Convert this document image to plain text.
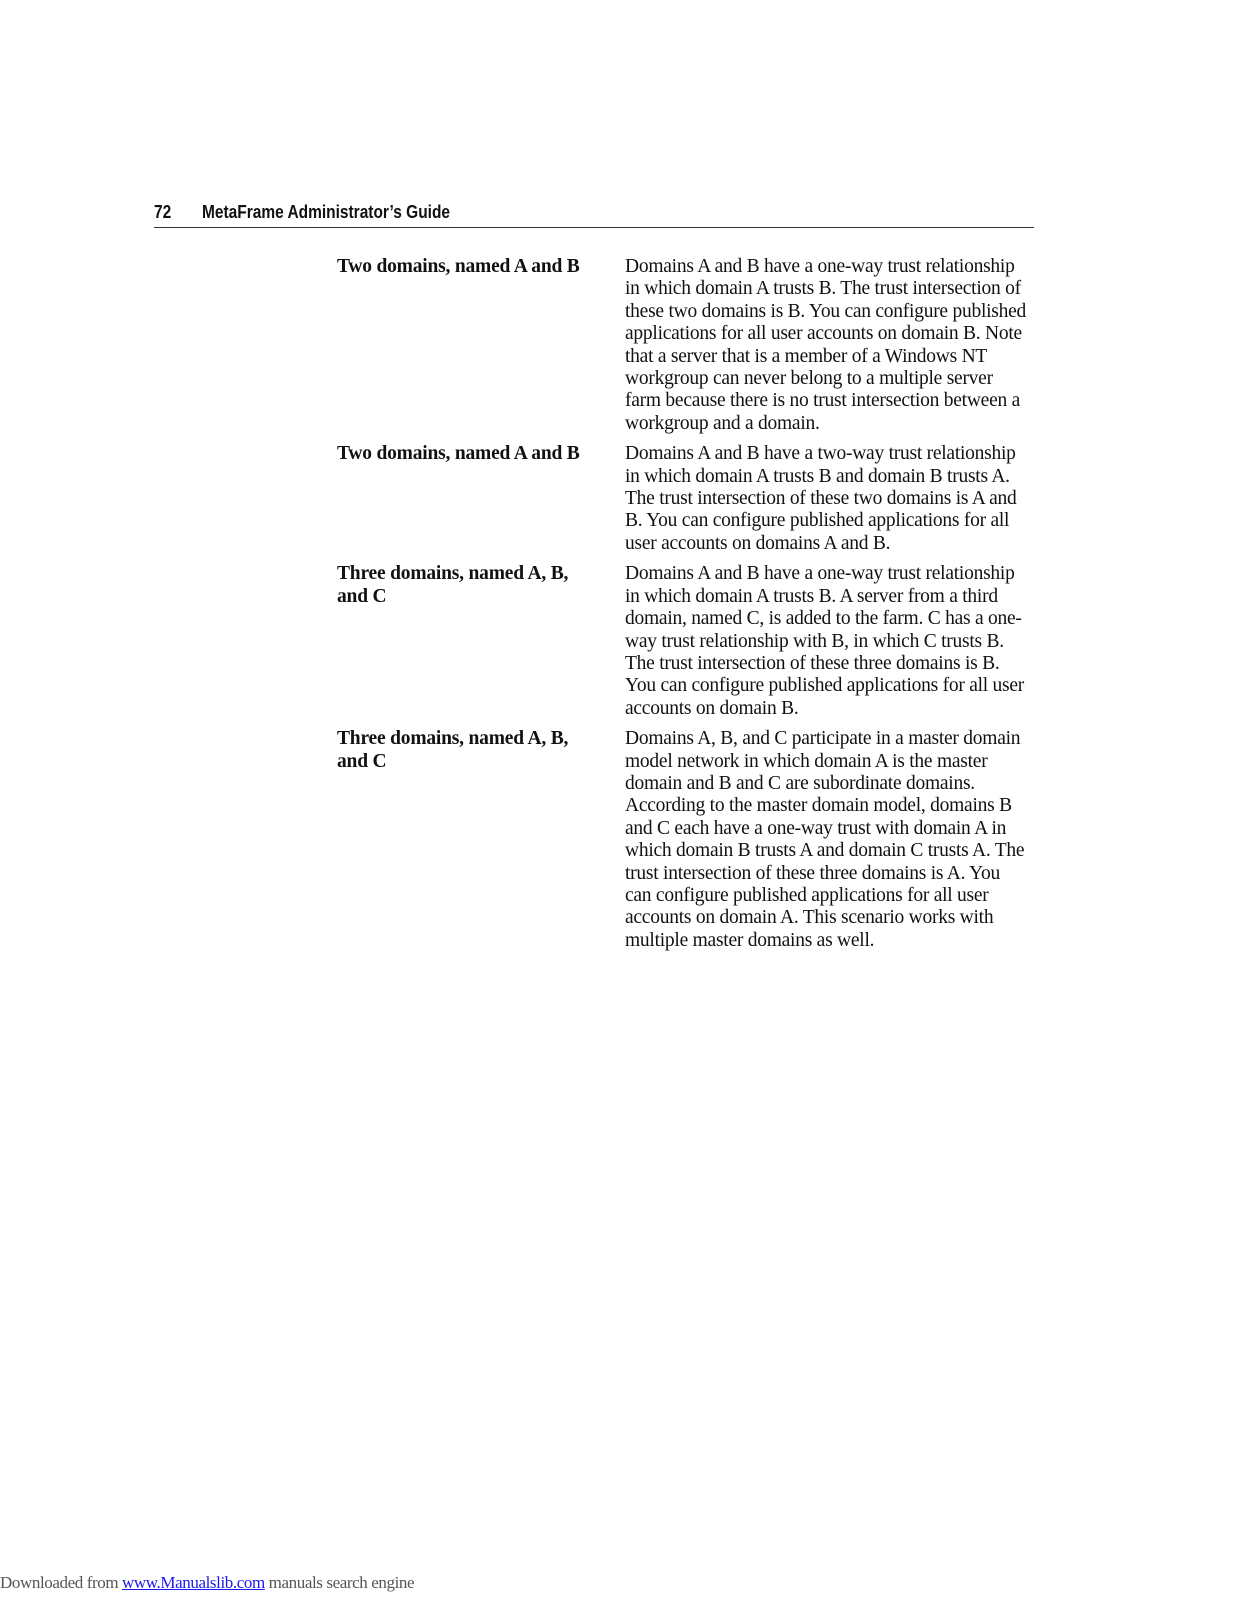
72 MetaFrame Administrator’s Guide
Two domains, named A and B	Domains A and B have a one-way trust relationship
in which domain A trusts B. The trust intersection of
these two domains is B. You can configure published
applications for all user accounts on domain B. Note
that a server that is a member of a Windows NT
workgroup can never belong to a multiple server
farm because there is no trust intersection between a
workgroup and a domain.
Two domains, named A and B	Domains A and B have a two-way trust relationship
in which domain A trusts B and domain B trusts A.
The trust intersection of these two domains is A and
B. You can configure published applications for all
user accounts on domains A and B.
Three domains, named A, B,
and C
Domains A and B have a one-way trust relationship
in which domain A trusts B. A server from a third
domain, named C, is added to the farm. C has a one-
way trust relationship with B, in which C trusts B.
The trust intersection of these three domains is B.
You can configure published applications for all user
accounts on domain B.
Three domains, named A, B,
and C
Domains A, B, and C participate in a master domain
model network in which domain A is the master
domain and B and C are subordinate domains.
According to the master domain model, domains B
and C each have a one-way trust with domain A in
which domain B trusts A and domain C trusts A. The
trust intersection of these three domains is A. You
can configure published applications for all user
accounts on domain A. This scenario works with
multiple master domains as well.
Downloaded from www.Manualslib.com manuals search engine
